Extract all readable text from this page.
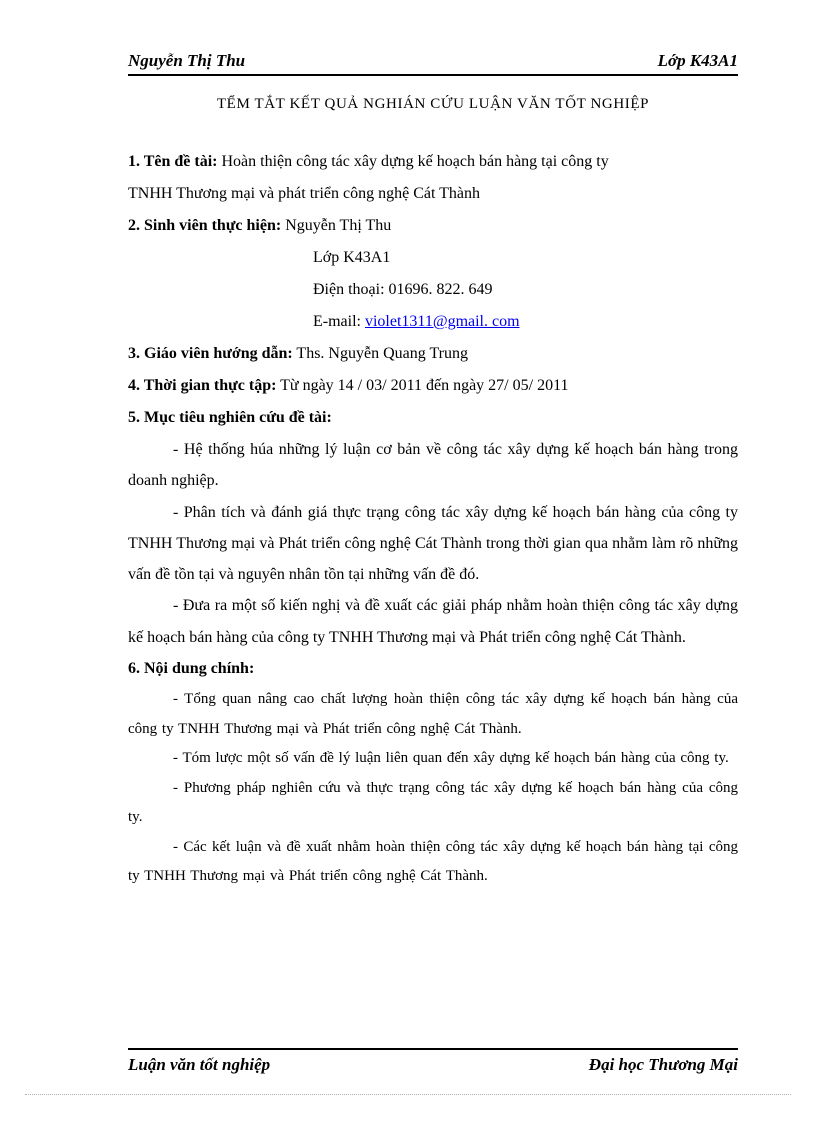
Nguyễn Thị Thu	Lớp K43A1
TỂM TẮT KẾT QUẢ NGHIÁN CỨU LUẬN VĂN TỐT NGHIỆP
1. Tên đề tài: Hoàn thiện công tác xây dựng kế hoạch bán hàng tại công ty
TNHH Thương mại và phát triển công nghệ Cát Thành
2. Sinh viên thực hiện: Nguyễn Thị Thu
Lớp K43A1
Điện thoại: 01696. 822. 649
E-mail: violet1311@gmail. com
3. Giáo viên hướng dẫn: Ths. Nguyễn Quang Trung
4. Thời gian thực tập: Từ ngày 14 / 03/ 2011 đến ngày 27/ 05/ 2011
5. Mục tiêu nghiên cứu đề tài:

- Hệ thống húa những lý luận cơ bản về công tác xây dựng kế hoạch bán hàng trong doanh nghiệp.

- Phân tích và đánh giá thực trạng công tác xây dựng kế hoạch bán hàng của công ty TNHH Thương mại và Phát triển công nghệ Cát Thành trong thời gian qua nhằm làm rõ những vấn đề tồn tại và nguyên nhân tồn tại những vấn đề đó.

- Đưa ra một số kiến nghị và đề xuất các giải pháp nhằm hoàn thiện công tác xây dựng kế hoạch bán hàng của công ty TNHH Thương mại và Phát triển công nghệ Cát Thành.

6. Nội dung chính:

- Tổng quan nâng cao chất lượng hoàn thiện công tác xây dựng kế hoạch bán hàng của công ty TNHH Thương mại và Phát triển công nghệ Cát Thành.

- Tóm lược một số vấn đề lý luận liên quan đến xây dựng kế hoạch bán hàng của công ty.

- Phương pháp nghiên cứu và thực trạng công tác xây dựng kế hoạch bán hàng của công ty.

- Các kết luận và đề xuất nhằm hoàn thiện công tác xây dựng kế hoạch bán hàng tại công ty TNHH Thương mại và Phát triển công nghệ Cát Thành.

Luận văn tốt nghiệp	Đại học Thương Mại
